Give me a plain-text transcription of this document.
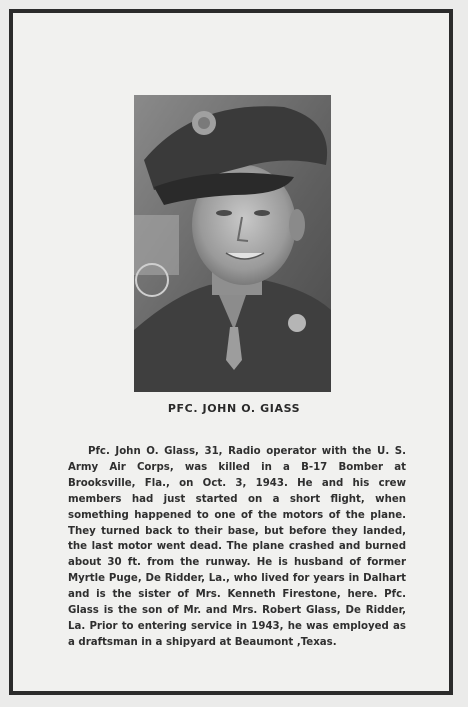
PFC. JOHN O. GIASS

Pfc. John O. Glass, 31, Radio operator with the U. S. Army Air Corps, was killed in a B-17 Bomber at Brooksville, Fla., on Oct. 3, 1943. He and his crew members had just started on a short flight, when something happened to one of the motors of the plane. They turned back to their base, but before they landed, the last motor went dead. The plane crashed and burned about 30 ft. from the runway. He is husband of former Myrtle Puge, De Ridder, La., who lived for years in Dalhart and is the sister of Mrs. Kenneth Firestone, here. Pfc. Glass is the son of Mr. and Mrs. Robert Glass, De Ridder, La. Prior to entering service in 1943, he was employed as a draftsman in a shipyard at Beaumont ,Texas.
